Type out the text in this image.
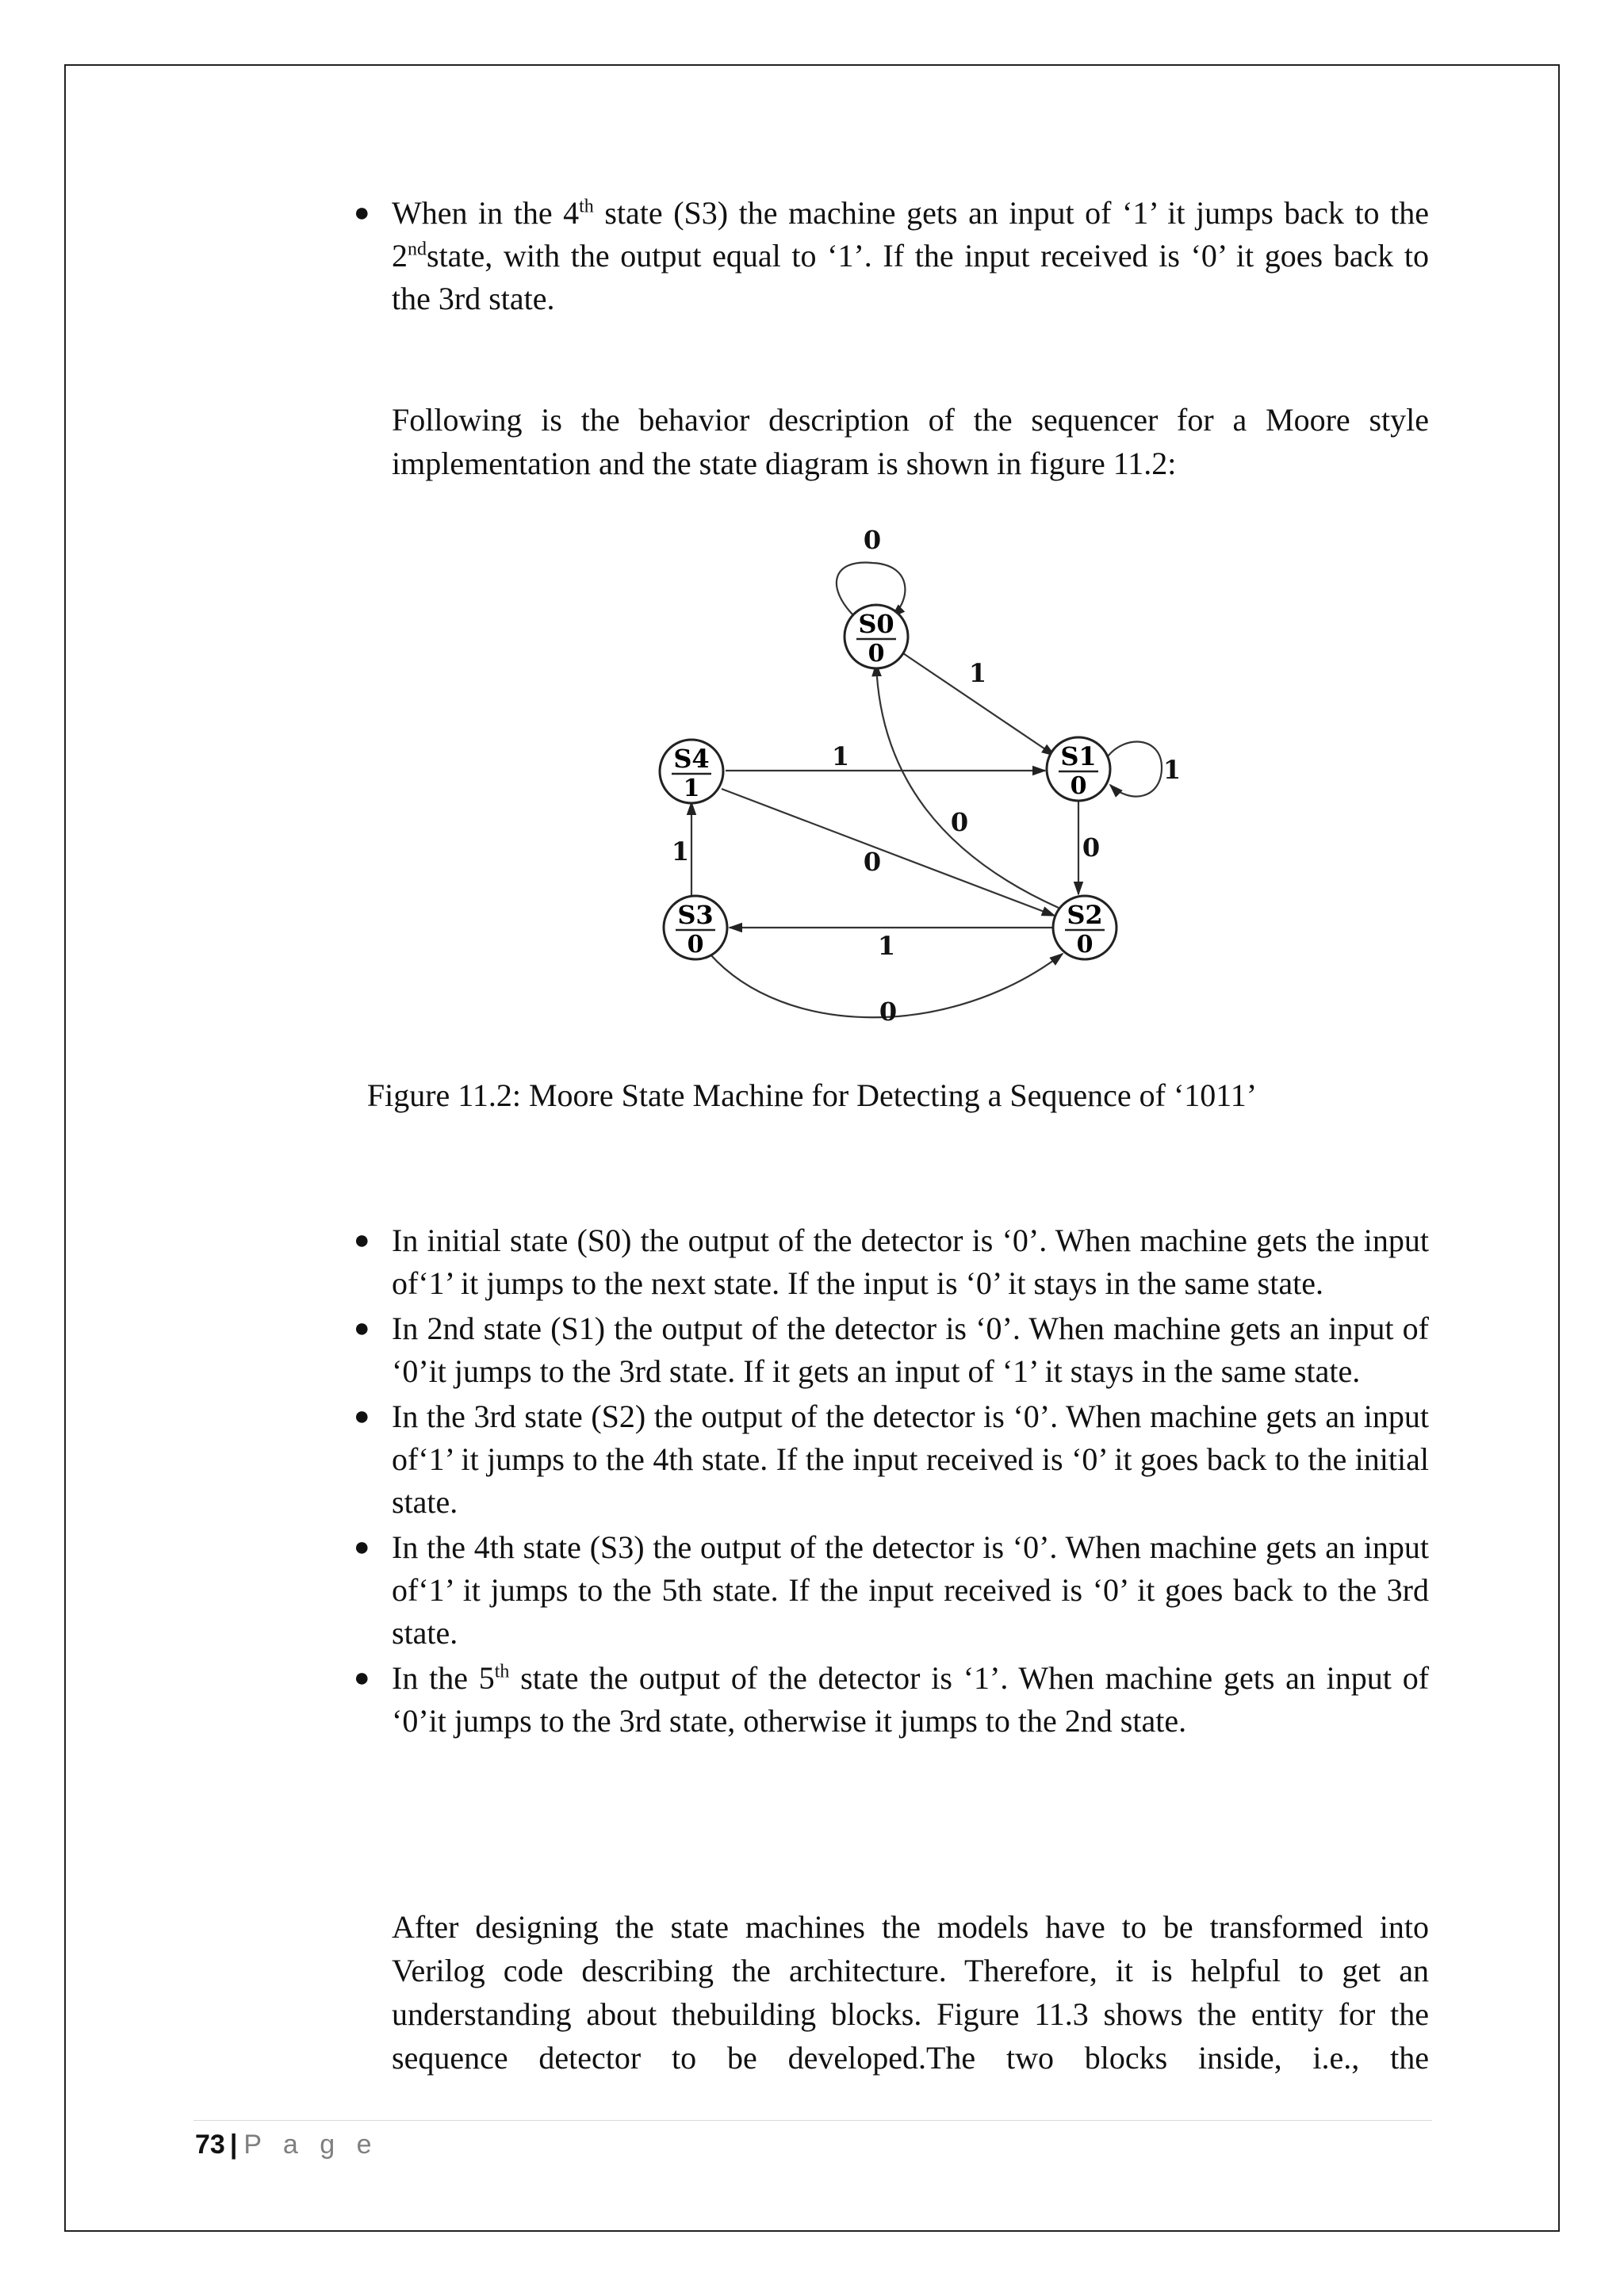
● When in the 4th state (S3) the machine gets an input of ‘1’ it jumps back to the 2ndstate, with the output equal to ‘1’. If the input received is ‘0’ it goes back to the 3rd state.

Following is the behavior description of the sequencer for a Moore style implementation and the state diagram is shown in figure 11.2:

S0
0
S1
0
S2
0
S3
0
S4
1
0
1
1
0
0
1
0
1
1
0

Figure 11.2: Moore State Machine for Detecting a Sequence of ‘1011’

● In initial state (S0) the output of the detector is ‘0’. When machine gets the input of‘1’ it jumps to the next state. If the input is ‘0’ it stays in the same state.
● In 2nd state (S1) the output of the detector is ‘0’. When machine gets an input of ‘0’it jumps to the 3rd state. If it gets an input of ‘1’ it stays in the same state.
● In the 3rd state (S2) the output of the detector is ‘0’. When machine gets an input of‘1’ it jumps to the 4th state. If the input received is ‘0’ it goes back to the initial state.
● In the 4th state (S3) the output of the detector is ‘0’. When machine gets an input of‘1’ it jumps to the 5th state. If the input received is ‘0’ it goes back to the 3rd state.
● In the 5th state the output of the detector is ‘1’. When machine gets an input of ‘0’it jumps to the 3rd state, otherwise it jumps to the 2nd state.

After designing the state machines the models have to be transformed into Verilog code describing the architecture. Therefore, it is helpful to get an understanding about thebuilding blocks. Figure 11.3 shows the entity for the sequence detector to be developed.The two blocks inside, i.e., the

73 | P a g e
